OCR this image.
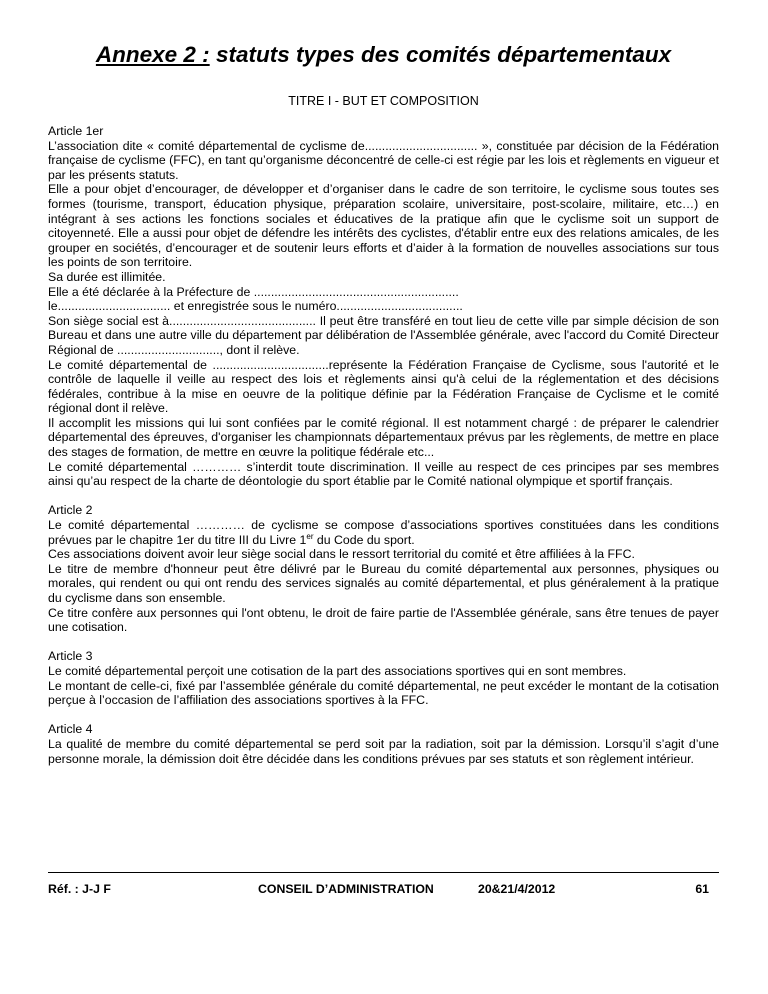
Annexe 2 : statuts types des comités départementaux
TITRE I - BUT ET COMPOSITION

Article 1er

L’association dite « comité départemental de cyclisme de................................. », constituée par décision de la Fédération française de cyclisme (FFC), en tant qu’organisme déconcentré de celle-ci est régie par les lois et règlements en vigueur et par les présents statuts.

Elle a pour objet d’encourager, de développer et d’organiser dans le cadre de son territoire, le cyclisme sous toutes ses formes (tourisme, transport, éducation physique, préparation scolaire, universitaire, post-scolaire, militaire, etc…) en intégrant à ses actions les fonctions sociales et éducatives de la pratique afin que le cyclisme soit un support de citoyenneté. Elle a aussi pour objet de défendre les intérêts des cyclistes, d'établir entre eux des relations amicales, de les grouper en sociétés, d’encourager et de soutenir leurs efforts et d’aider à la formation de nouvelles associations sur tous les points de son territoire.

Sa durée est illimitée.

Elle a été déclarée à la Préfecture de ............................................................

le................................. et enregistrée sous le numéro.....................................

Son siège social est à........................................... Il peut être transféré en tout lieu de cette ville par simple décision de son Bureau et dans une autre ville du département par délibération de l'Assemblée générale, avec l'accord du Comité Directeur Régional de .............................., dont il relève.

Le comité départemental de ..................................représente la Fédération Française de Cyclisme, sous l'autorité et le contrôle de laquelle il veille au respect des lois et règlements ainsi qu'à celui de la réglementation et des décisions fédérales, contribue à la mise en oeuvre de la politique définie par la Fédération Française de Cyclisme et le comité régional dont il relève.

Il accomplit les missions qui lui sont confiées par le comité régional. Il est notamment chargé : de préparer le calendrier départemental des épreuves, d'organiser les championnats départementaux prévus par les règlements, de mettre en place des stages de formation, de mettre en œuvre la politique fédérale etc...

Le comité départemental ………… s’interdit toute discrimination. Il veille au respect de ces principes par ses membres ainsi qu’au respect de la charte de déontologie du sport établie par le Comité national olympique et sportif français.

Article 2

Le comité départemental ………… de cyclisme se compose d’associations sportives constituées dans les conditions prévues par le chapitre 1er du titre III du Livre 1er du Code du sport.

Ces associations doivent avoir leur siège social dans le ressort territorial du comité et être affiliées à la FFC.

Le titre de membre d'honneur peut être délivré par le Bureau du comité départemental aux personnes, physiques ou morales, qui rendent ou qui ont rendu des services signalés au comité départemental, et plus généralement à la pratique du cyclisme dans son ensemble.

Ce titre confère aux personnes qui l'ont obtenu, le droit de faire partie de l'Assemblée générale, sans être tenues de payer une cotisation.

Article 3

Le comité départemental perçoit une cotisation de la part des associations sportives qui en sont membres.

Le montant de celle-ci, fixé par l’assemblée générale du comité départemental, ne peut excéder le montant de la cotisation perçue à l’occasion de l’affiliation des associations sportives à la FFC.

Article 4

La qualité de membre du comité départemental se perd soit par la radiation, soit par la démission. Lorsqu’il s’agit d’une personne morale, la démission doit être décidée dans les conditions prévues par ses statuts et son règlement intérieur.

Réf. : J-J F	CONSEIL D’ADMINISTRATION	20&21/4/2012	61
